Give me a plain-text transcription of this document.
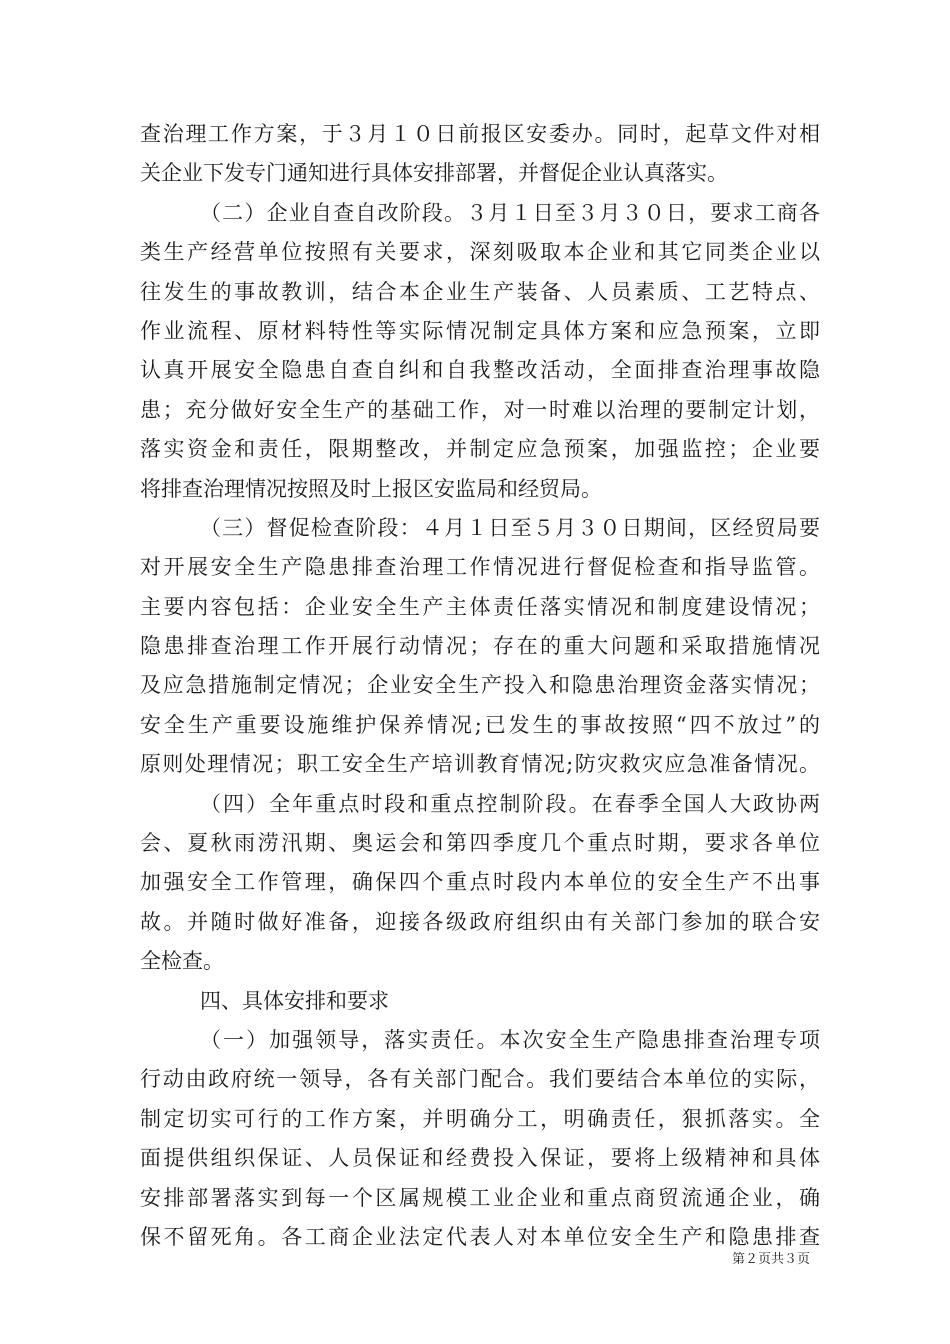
查治理工作方案，于３月１０日前报区安委办。同时，起草文件对相
关企业下发专门通知进行具体安排部署，并督促企业认真落实。
（二）企业自查自改阶段。３月１日至３月３０日，要求工商各
类生产经营单位按照有关要求，深刻吸取本企业和其它同类企业以
往发生的事故教训，结合本企业生产装备、人员素质、工艺特点、
作业流程、原材料特性等实际情况制定具体方案和应急预案，立即
认真开展安全隐患自查自纠和自我整改活动，全面排查治理事故隐
患；充分做好安全生产的基础工作，对一时难以治理的要制定计划，
落实资金和责任，限期整改，并制定应急预案，加强监控；企业要
将排查治理情况按照及时上报区安监局和经贸局。
（三）督促检查阶段：４月１日至５月３０日期间，区经贸局要
对开展安全生产隐患排查治理工作情况进行督促检查和指导监管。
主要内容包括：企业安全生产主体责任落实情况和制度建设情况；
隐患排查治理工作开展行动情况；存在的重大问题和采取措施情况
及应急措施制定情况；企业安全生产投入和隐患治理资金落实情况；
安全生产重要设施维护保养情况;已发生的事故按照“四不放过”的
原则处理情况；职工安全生产培训教育情况;防灾救灾应急准备情况。
（四）全年重点时段和重点控制阶段。在春季全国人大政协两
会、夏秋雨涝汛期、奥运会和第四季度几个重点时期，要求各单位
加强安全工作管理，确保四个重点时段内本单位的安全生产不出事
故。并随时做好准备，迎接各级政府组织由有关部门参加的联合安
全检查。
四、具体安排和要求
（一）加强领导，落实责任。本次安全生产隐患排查治理专项
行动由政府统一领导，各有关部门配合。我们要结合本单位的实际，
制定切实可行的工作方案，并明确分工，明确责任，狠抓落实。全
面提供组织保证、人员保证和经费投入保证，要将上级精神和具体
安排部署落实到每一个区属规模工业企业和重点商贸流通企业，确
保不留死角。各工商企业法定代表人对本单位安全生产和隐患排查
第２页共３页
